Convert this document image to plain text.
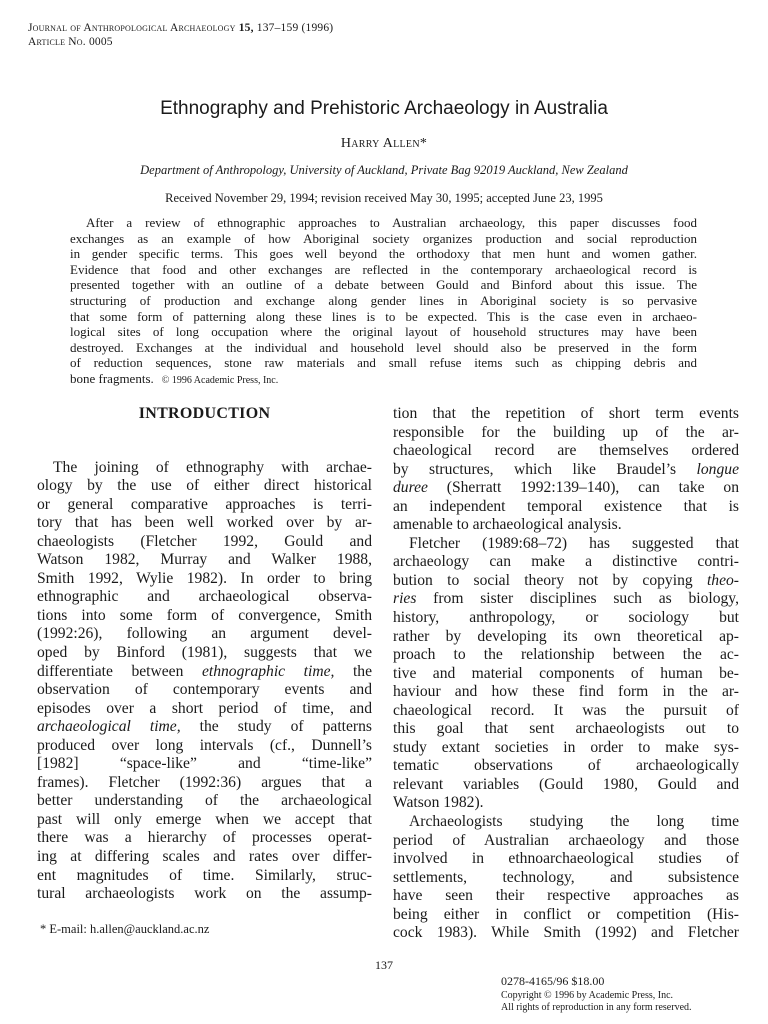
Journal of Anthropological Archaeology 15, 137–159 (1996)
Article No. 0005
Ethnography and Prehistoric Archaeology in Australia
Harry Allen*
Department of Anthropology, University of Auckland, Private Bag 92019 Auckland, New Zealand
Received November 29, 1994; revision received May 30, 1995; accepted June 23, 1995
After a review of ethnographic approaches to Australian archaeology, this paper discusses food
exchanges as an example of how Aboriginal society organizes production and social reproduction
in gender specific terms. This goes well beyond the orthodoxy that men hunt and women gather.
Evidence that food and other exchanges are reflected in the contemporary archaeological record is
presented together with an outline of a debate between Gould and Binford about this issue. The
structuring of production and exchange along gender lines in Aboriginal society is so pervasive
that some form of patterning along these lines is to be expected. This is the case even in archaeo-
logical sites of long occupation where the original layout of household structures may have been
destroyed. Exchanges at the individual and household level should also be preserved in the form
of reduction sequences, stone raw materials and small refuse items such as chipping debris and
bone fragments. © 1996 Academic Press, Inc.
INTRODUCTION
The joining of ethnography with archae-
ology by the use of either direct historical
or general comparative approaches is terri-
tory that has been well worked over by ar-
chaeologists (Fletcher 1992, Gould and
Watson 1982, Murray and Walker 1988,
Smith 1992, Wylie 1982). In order to bring
ethnographic and archaeological observa-
tions into some form of convergence, Smith
(1992:26), following an argument devel-
oped by Binford (1981), suggests that we
differentiate between ethnographic time, the
observation of contemporary events and
episodes over a short period of time, and
archaeological time, the study of patterns
produced over long intervals (cf., Dunnell’s
[1982] “space-like” and “time-like”
frames). Fletcher (1992:36) argues that a
better understanding of the archaeological
past will only emerge when we accept that
there was a hierarchy of processes operat-
ing at differing scales and rates over differ-
ent magnitudes of time. Similarly, struc-
tural archaeologists work on the assump-
tion that the repetition of short term events
responsible for the building up of the ar-
chaeological record are themselves ordered
by structures, which like Braudel’s longue
duree (Sherratt 1992:139–140), can take on
an independent temporal existence that is
amenable to archaeological analysis.
Fletcher (1989:68–72) has suggested that
archaeology can make a distinctive contri-
bution to social theory not by copying theo-
ries from sister disciplines such as biology,
history, anthropology, or sociology but
rather by developing its own theoretical ap-
proach to the relationship between the ac-
tive and material components of human be-
haviour and how these find form in the ar-
chaeological record. It was the pursuit of
this goal that sent archaeologists out to
study extant societies in order to make sys-
tematic observations of archaeologically
relevant variables (Gould 1980, Gould and
Watson 1982).
Archaeologists studying the long time
period of Australian archaeology and those
involved in ethnoarchaeological studies of
settlements, technology, and subsistence
have seen their respective approaches as
being either in conflict or competition (His-
cock 1983). While Smith (1992) and Fletcher
* E-mail: h.allen@auckland.ac.nz
137
0278-4165/96 $18.00
Copyright © 1996 by Academic Press, Inc.
All rights of reproduction in any form reserved.
